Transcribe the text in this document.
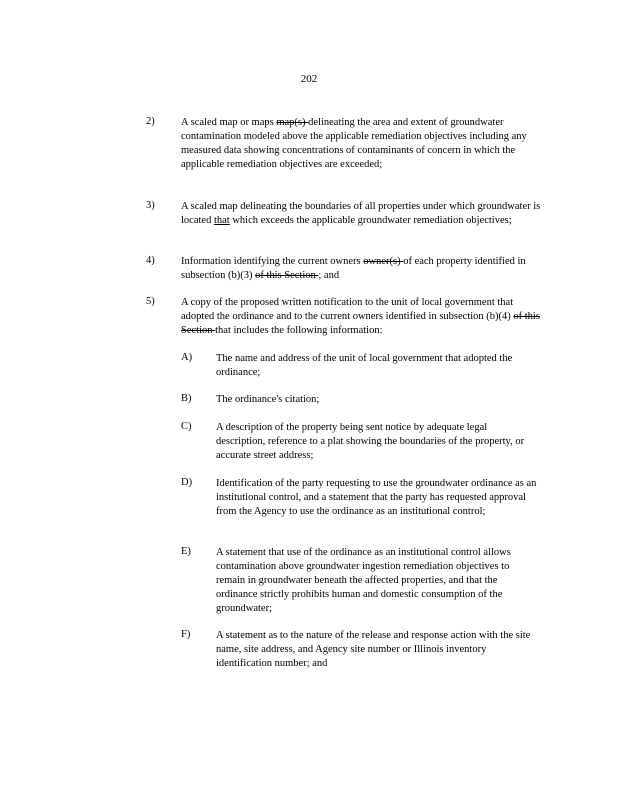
202
2)	A scaled map or maps map(s) delineating the area and extent of groundwater contamination modeled above the applicable remediation objectives including any measured data showing concentrations of contaminants of concern in which the applicable remediation objectives are exceeded;
3)	A scaled map delineating the boundaries of all properties under which groundwater is located that which exceeds the applicable groundwater remediation objectives;
4)	Information identifying the current owners owner(s) of each property identified in subsection (b)(3) of this Section ; and
5)	A copy of the proposed written notification to the unit of local government that adopted the ordinance and to the current owners identified in subsection (b)(4) of this Section that includes the following information:
A) The name and address of the unit of local government that adopted the ordinance;
B) The ordinance's citation;
C) A description of the property being sent notice by adequate legal description, reference to a plat showing the boundaries of the property, or accurate street address;
D) Identification of the party requesting to use the groundwater ordinance as an institutional control, and a statement that the party has requested approval from the Agency to use the ordinance as an institutional control;
E) A statement that use of the ordinance as an institutional control allows contamination above groundwater ingestion remediation objectives to remain in groundwater beneath the affected properties, and that the ordinance strictly prohibits human and domestic consumption of the groundwater;
F) A statement as to the nature of the release and response action with the site name, site address, and Agency site number or Illinois inventory identification number; and
